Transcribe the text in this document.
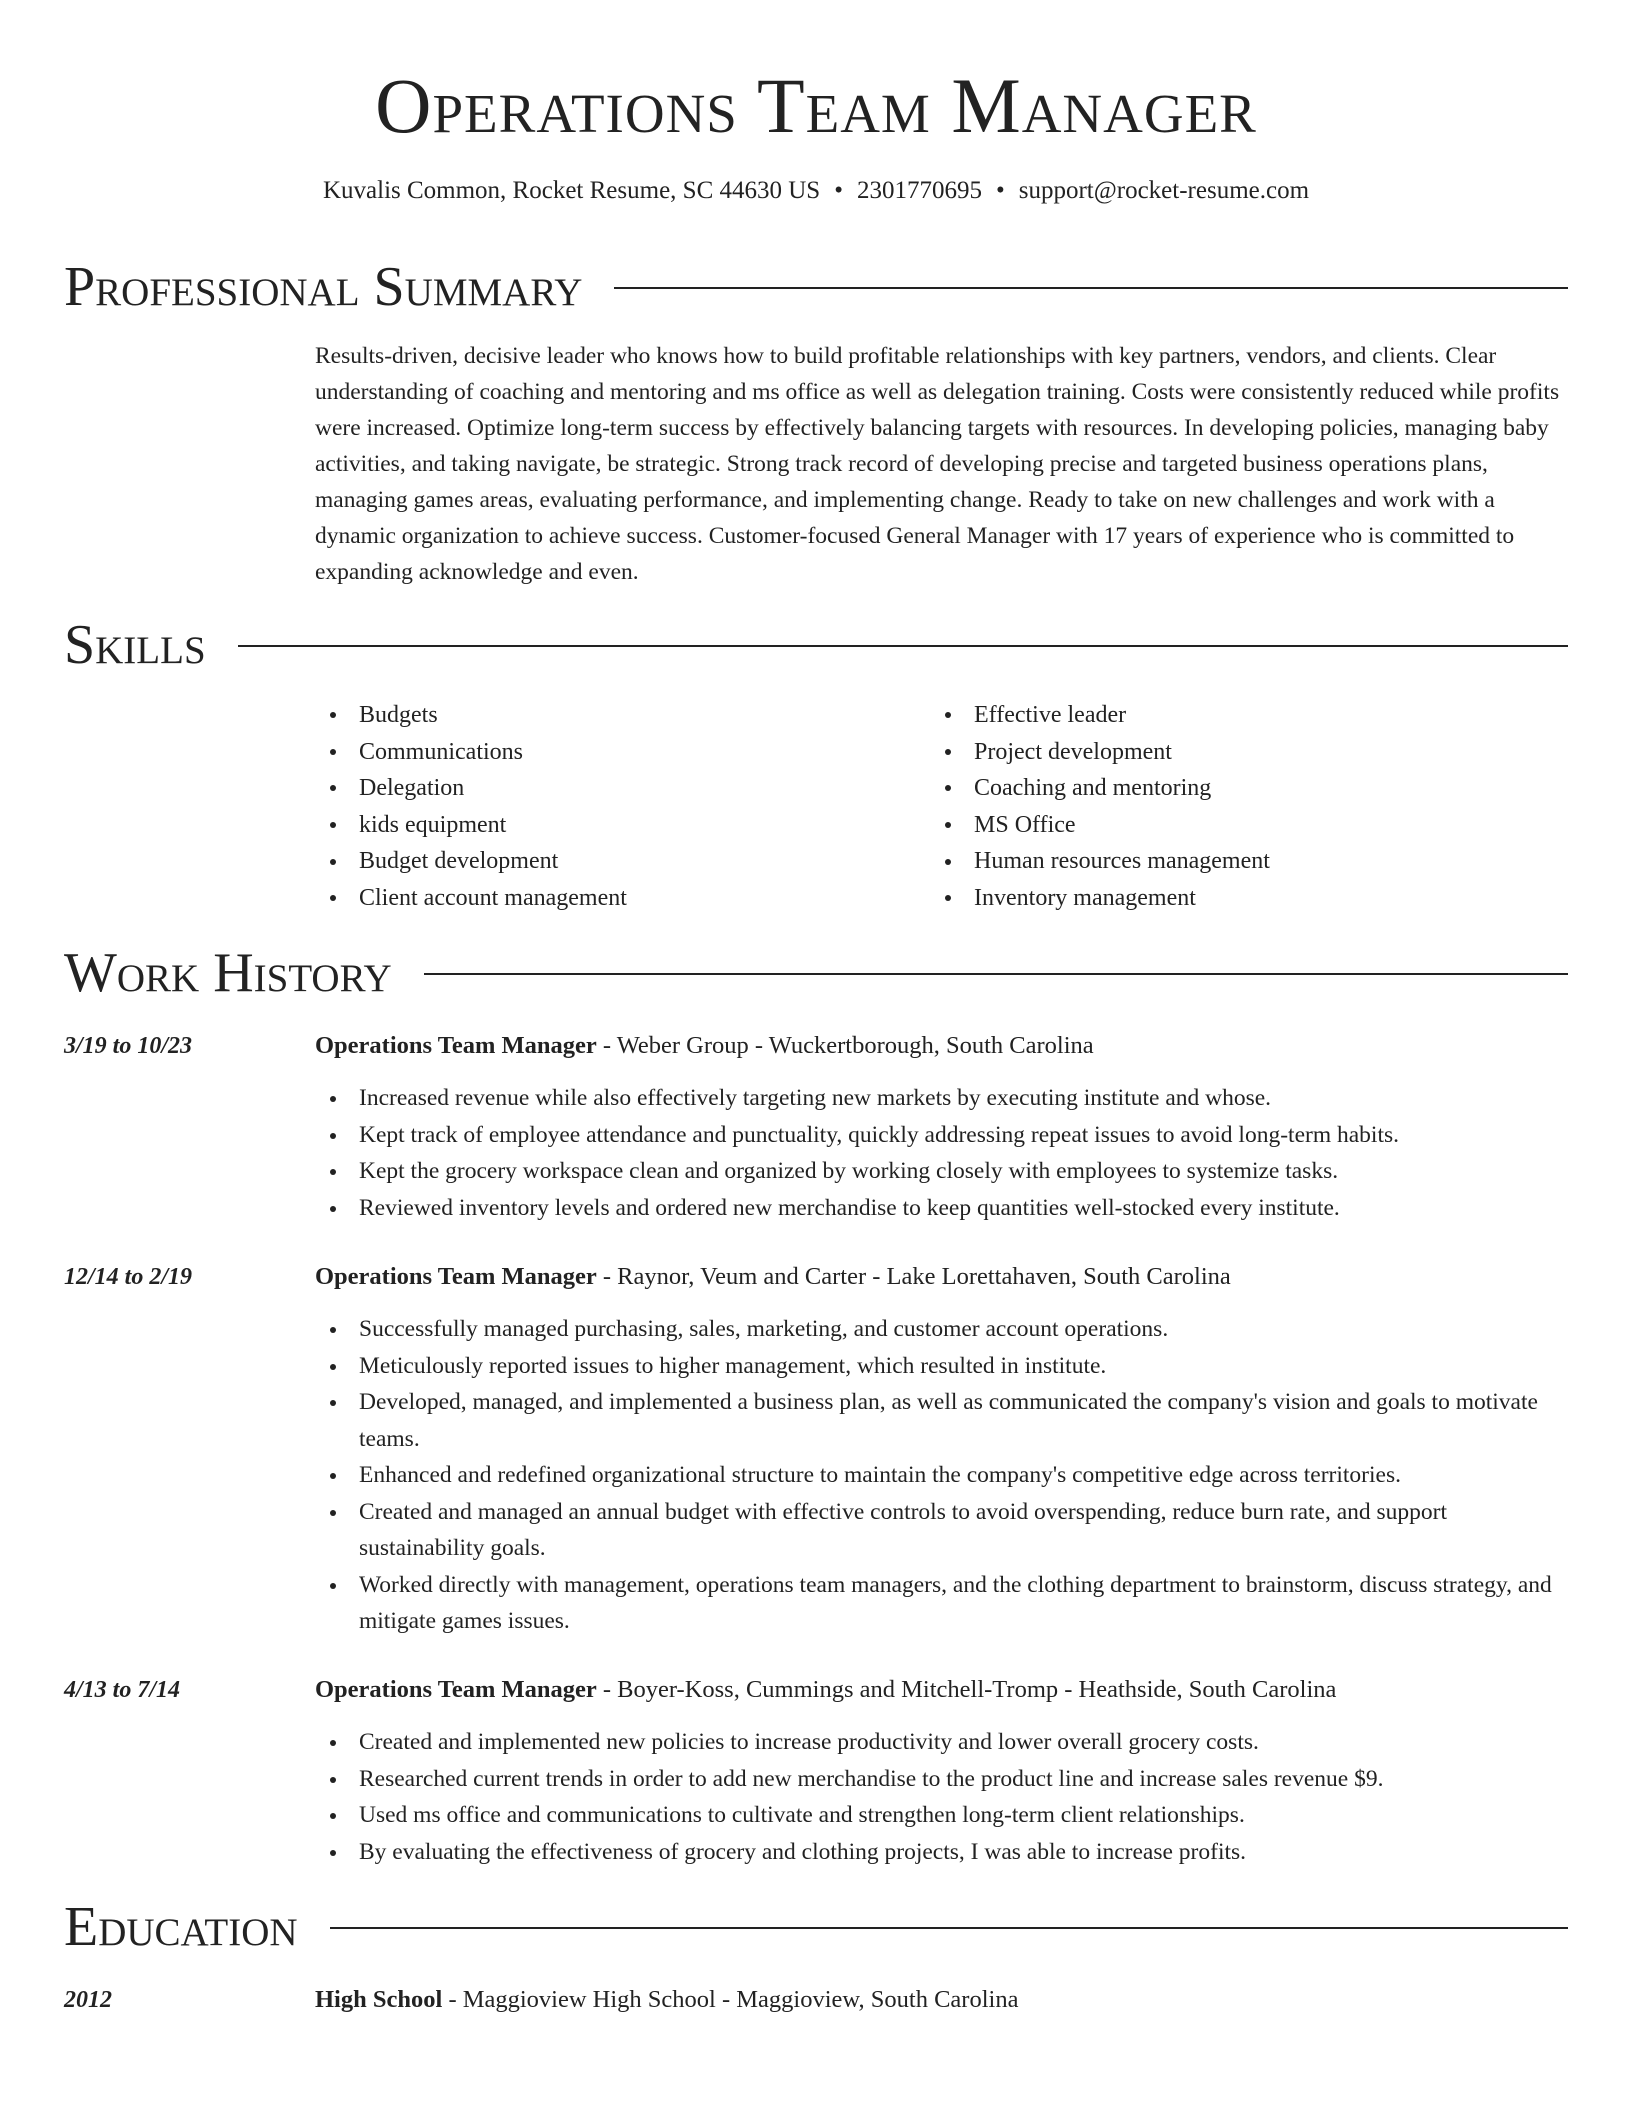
Operations Team Manager
Kuvalis Common, Rocket Resume, SC 44630 US • 2301770695 • support@rocket-resume.com
Professional Summary

Results-driven, decisive leader who knows how to build profitable relationships with key partners, vendors, and clients. Clear understanding of coaching and mentoring and ms office as well as delegation training. Costs were consistently reduced while profits were increased. Optimize long-term success by effectively balancing targets with resources. In developing policies, managing baby activities, and taking navigate, be strategic. Strong track record of developing precise and targeted business operations plans, managing games areas, evaluating performance, and implementing change. Ready to take on new challenges and work with a dynamic organization to achieve success. Customer-focused General Manager with 17 years of experience who is committed to expanding acknowledge and even.

Skills
Budgets
Communications
Delegation
kids equipment
Budget development
Client account management
Effective leader
Project development
Coaching and mentoring
MS Office
Human resources management
Inventory management
Work History
3/19 to 10/23	Operations Team Manager - Weber Group - Wuckertborough, South Carolina
Increased revenue while also effectively targeting new markets by executing institute and whose.
Kept track of employee attendance and punctuality, quickly addressing repeat issues to avoid long-term habits.
Kept the grocery workspace clean and organized by working closely with employees to systemize tasks.
Reviewed inventory levels and ordered new merchandise to keep quantities well-stocked every institute.
12/14 to 2/19	Operations Team Manager - Raynor, Veum and Carter - Lake Lorettahaven, South Carolina
Successfully managed purchasing, sales, marketing, and customer account operations.
Meticulously reported issues to higher management, which resulted in institute.
Developed, managed, and implemented a business plan, as well as communicated the company's vision and goals to motivate teams.
Enhanced and redefined organizational structure to maintain the company's competitive edge across territories.
Created and managed an annual budget with effective controls to avoid overspending, reduce burn rate, and support sustainability goals.
Worked directly with management, operations team managers, and the clothing department to brainstorm, discuss strategy, and mitigate games issues.
4/13 to 7/14	Operations Team Manager - Boyer-Koss, Cummings and Mitchell-Tromp - Heathside, South Carolina
Created and implemented new policies to increase productivity and lower overall grocery costs.
Researched current trends in order to add new merchandise to the product line and increase sales revenue $9.
Used ms office and communications to cultivate and strengthen long-term client relationships.
By evaluating the effectiveness of grocery and clothing projects, I was able to increase profits.
Education
2012	High School - Maggioview High School - Maggioview, South Carolina
